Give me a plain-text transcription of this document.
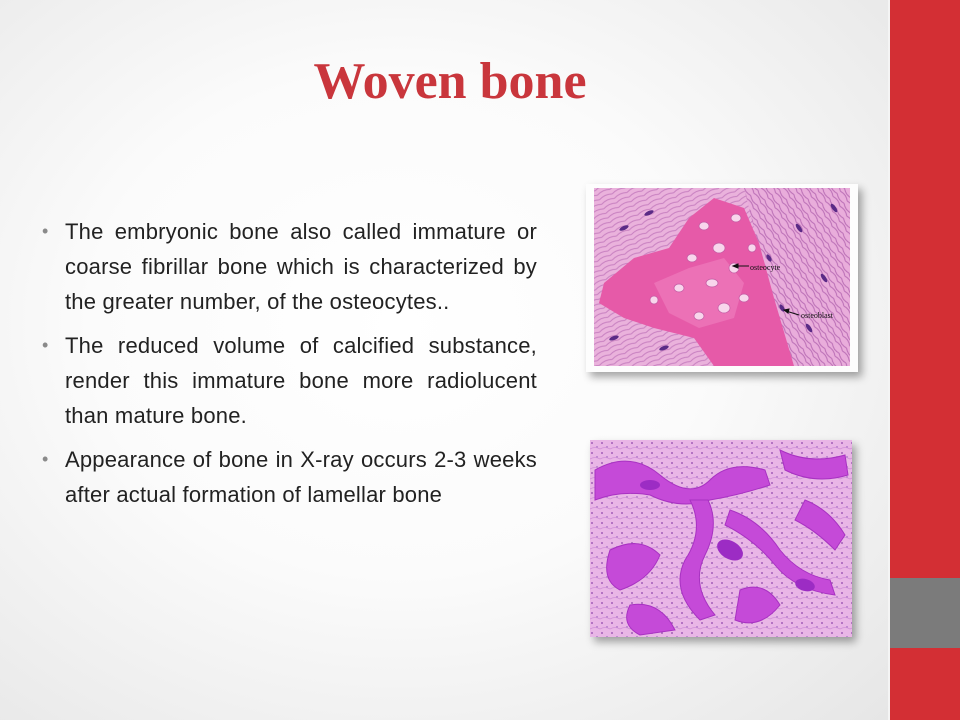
Woven bone
• The embryonic bone also called immature or coarse fibrillar bone which is characterized by the greater number, of the osteocytes..
• The reduced volume of calcified substance, render this immature bone more radiolucent than mature bone.
• Appearance of bone in X-ray occurs 2-3 weeks after actual formation of lamellar bone
osteocyte
osteoblast
